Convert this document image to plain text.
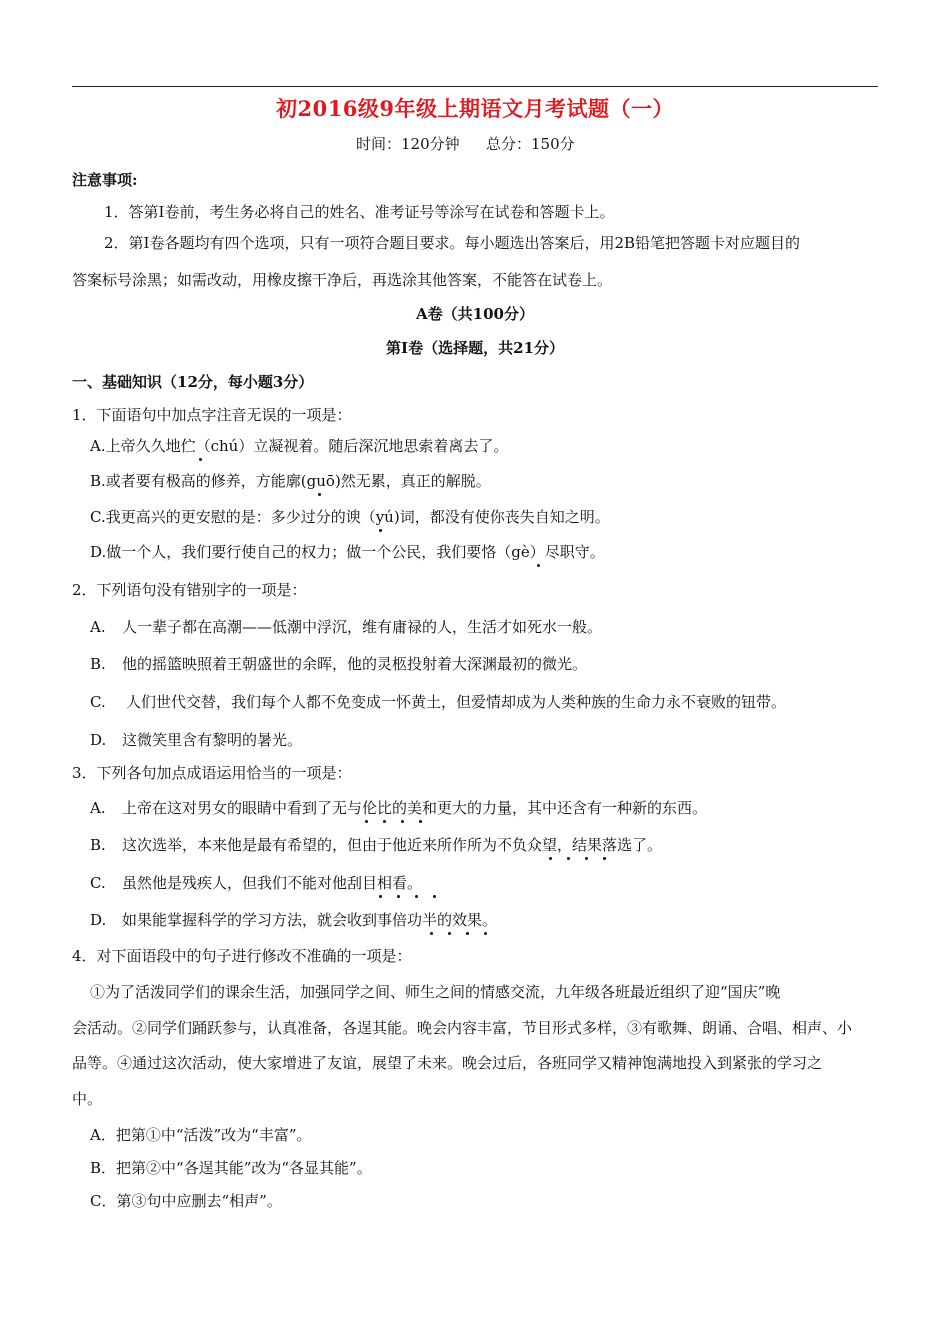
初2016级9年级上期语文月考试题（一）
时间：120分钟 总分：150分
注意事项:
1．答第Ⅰ卷前，考生务必将自己的姓名、准考证号等涂写在试卷和答题卡上。
2．第Ⅰ卷各题均有四个选项，只有一项符合题目要求。每小题选出答案后，用2B铅笔把答题卡对应题目的
答案标号涂黑；如需改动，用橡皮擦干净后，再选涂其他答案，不能答在试卷上。
A卷（共100分）
第Ⅰ卷（选择题，共21分）
一、基础知识（12分，每小题3分）
1．下面语句中加点字注音无误的一项是：
A.上帝久久地伫（chú）立凝视着。随后深沉地思索着离去了。
B.或者要有极高的修养，方能廓(guō)然无累，真正的解脱。
C.我更高兴的更安慰的是：多少过分的谀（yú)词，都没有使你丧失自知之明。
D.做一个人，我们要行使自己的权力；做一个公民，我们要恪（gè）尽职守。
2．下列语句没有错别字的一项是：
A. 人一辈子都在高潮——低潮中浮沉，维有庸禄的人，生活才如死水一般。
B. 他的摇篮映照着王朝盛世的余晖，他的灵柩投射着大深渊最初的微光。
C. 人们世代交替，我们每个人都不免变成一怀黄土，但爱情却成为人类种族的生命力永不衰败的钮带。
D. 这微笑里含有黎明的暑光。
3．下列各句加点成语运用恰当的一项是：
A. 上帝在这对男女的眼睛中看到了无与伦比的美和更大的力量，其中还含有一种新的东西。
B. 这次选举，本来他是最有希望的，但由于他近来所作所为不负众望，结果落选了。
C. 虽然他是残疾人，但我们不能对他刮目相看。
D. 如果能掌握科学的学习方法，就会收到事倍功半的效果。
4．对下面语段中的句子进行修改不准确的一项是：
①为了活泼同学们的课余生活，加强同学之间、师生之间的情感交流，九年级各班最近组织了迎“国庆”晚
会活动。②同学们踊跃参与，认真准备，各逞其能。晚会内容丰富，节目形式多样，③有歌舞、朗诵、合唱、相声、小
品等。④通过这次活动，使大家增进了友谊，展望了未来。晚会过后，各班同学又精神饱满地投入到紧张的学习之
中。
A．把第①中“活泼”改为“丰富”。
B．把第②中“各逞其能”改为“各显其能”。
C．第③句中应删去“相声”。
